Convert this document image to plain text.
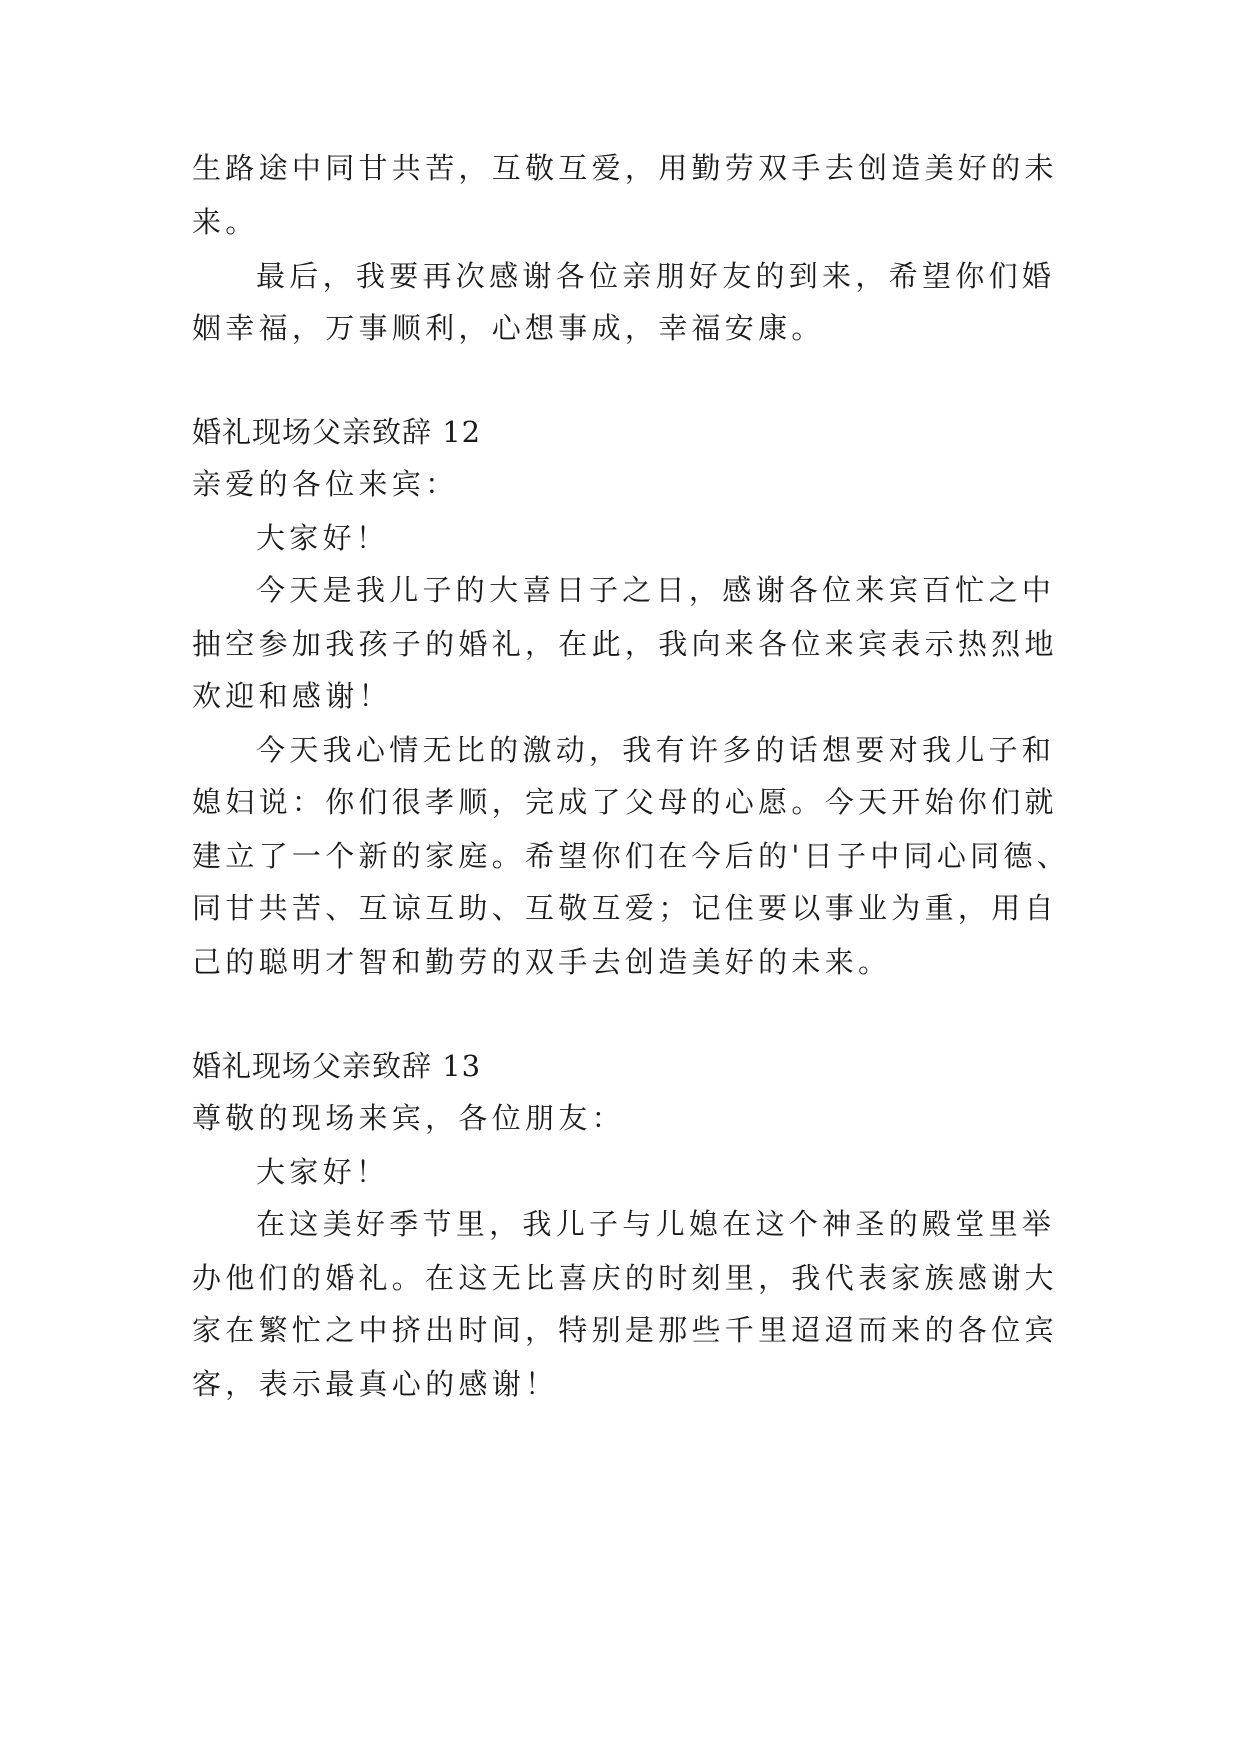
生路途中同甘共苦，互敬互爱，用勤劳双手去创造美好的未
来。
最后，我要再次感谢各位亲朋好友的到来，希望你们婚
姻幸福，万事顺利，心想事成，幸福安康。
婚礼现场父亲致辞 12
亲爱的各位来宾：
大家好！
今天是我儿子的大喜日子之日，感谢各位来宾百忙之中
抽空参加我孩子的婚礼，在此，我向来各位来宾表示热烈地
欢迎和感谢！
今天我心情无比的激动，我有许多的话想要对我儿子和
媳妇说：你们很孝顺，完成了父母的心愿。今天开始你们就
建立了一个新的家庭。希望你们在今后的'日子中同心同德、
同甘共苦、互谅互助、互敬互爱；记住要以事业为重，用自
己的聪明才智和勤劳的双手去创造美好的未来。
婚礼现场父亲致辞 13
尊敬的现场来宾，各位朋友：
大家好！
在这美好季节里，我儿子与儿媳在这个神圣的殿堂里举
办他们的婚礼。在这无比喜庆的时刻里，我代表家族感谢大
家在繁忙之中挤出时间，特别是那些千里迢迢而来的各位宾
客，表示最真心的感谢！
